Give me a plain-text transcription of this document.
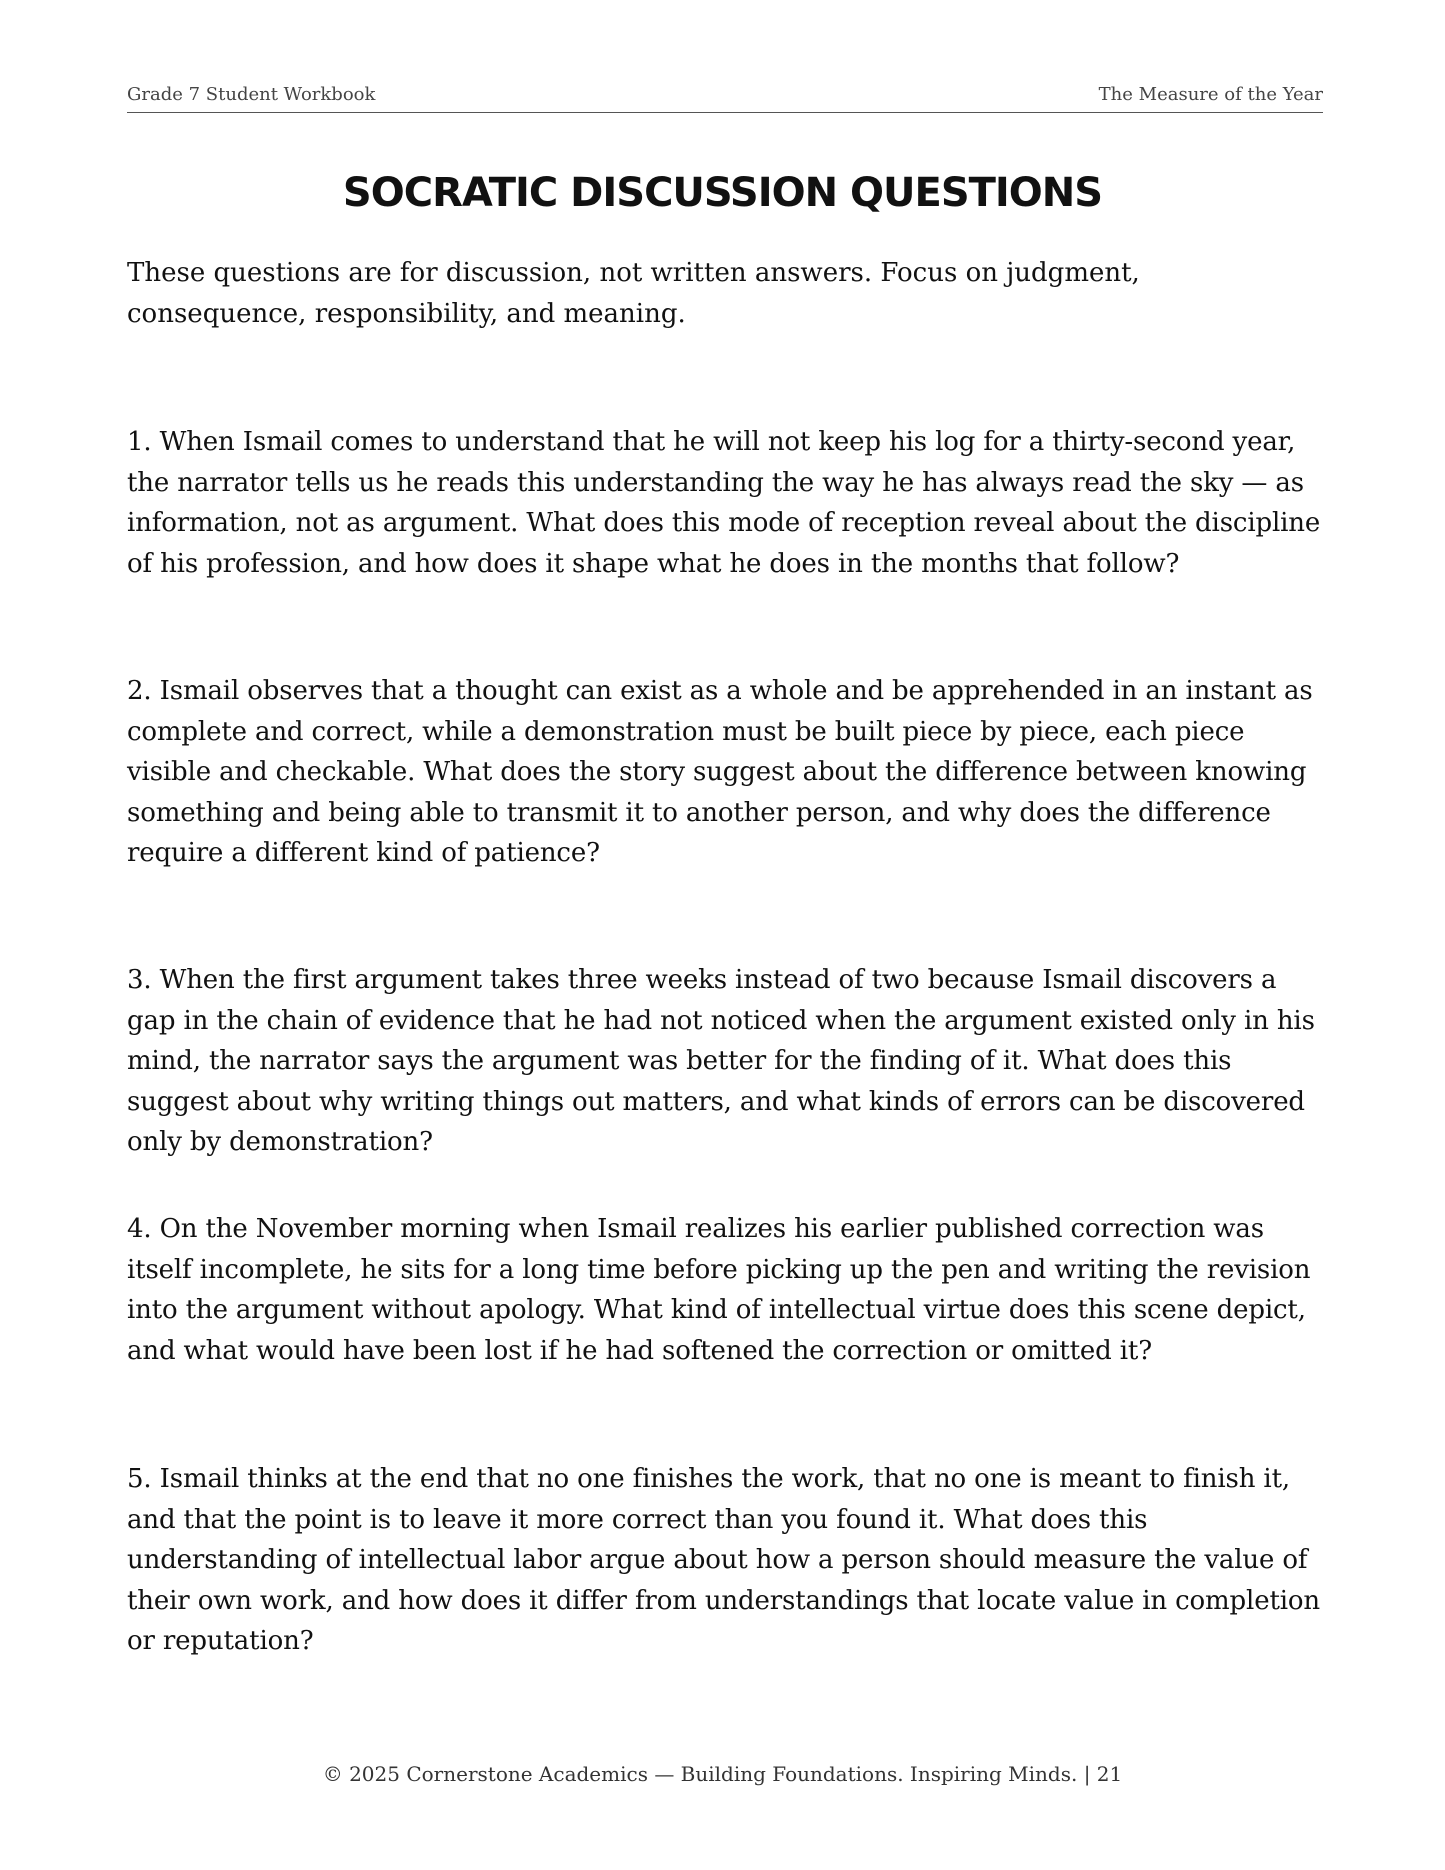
Grade 7 Student Workbook	The Measure of the Year
SOCRATIC DISCUSSION QUESTIONS

These questions are for discussion, not written answers. Focus on judgment, consequence, responsibility, and meaning.

1. When Ismail comes to understand that he will not keep his log for a thirty-second year, the narrator tells us he reads this understanding the way he has always read the sky — as information, not as argument. What does this mode of reception reveal about the discipline of his profession, and how does it shape what he does in the months that follow?

2. Ismail observes that a thought can exist as a whole and be apprehended in an instant as complete and correct, while a demonstration must be built piece by piece, each piece visible and checkable. What does the story suggest about the difference between knowing something and being able to transmit it to another person, and why does the difference require a different kind of patience?

3. When the first argument takes three weeks instead of two because Ismail discovers a gap in the chain of evidence that he had not noticed when the argument existed only in his mind, the narrator says the argument was better for the finding of it. What does this suggest about why writing things out matters, and what kinds of errors can be discovered only by demonstration?

4. On the November morning when Ismail realizes his earlier published correction was itself incomplete, he sits for a long time before picking up the pen and writing the revision into the argument without apology. What kind of intellectual virtue does this scene depict, and what would have been lost if he had softened the correction or omitted it?

5. Ismail thinks at the end that no one finishes the work, that no one is meant to finish it, and that the point is to leave it more correct than you found it. What does this understanding of intellectual labor argue about how a person should measure the value of their own work, and how does it differ from understandings that locate value in completion or reputation?

© 2025 Cornerstone Academics — Building Foundations. Inspiring Minds. | 21
